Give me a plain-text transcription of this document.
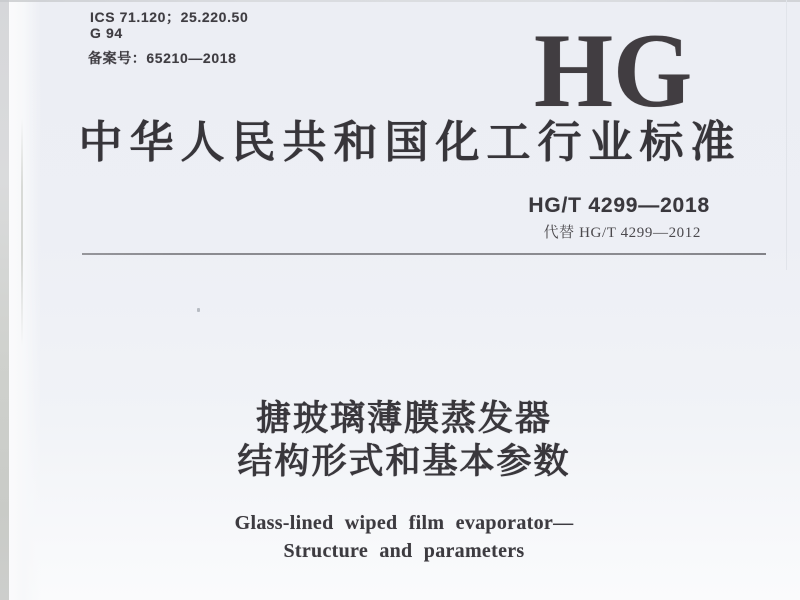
ICS 71.120；25.220.50
G 94
备案号：65210—2018	HG
中华人民共和国化工行业标准
HG/T 4299—2018
代替 HG/T 4299—2012
搪玻璃薄膜蒸发器
结构形式和基本参数
Glass-lined wiped film evaporator—
Structure and parameters
